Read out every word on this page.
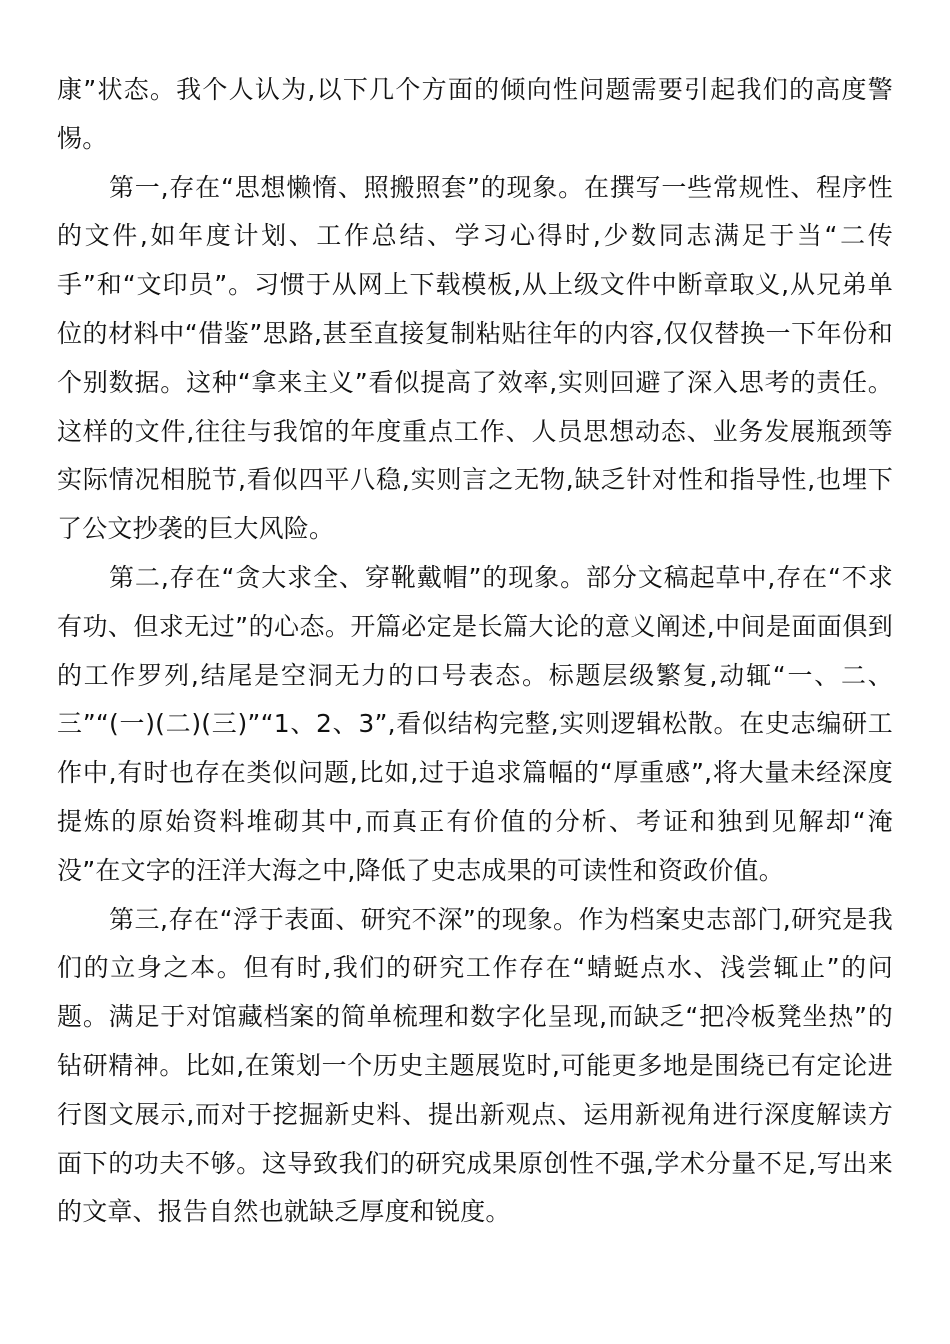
康”状态。我个人认为,以下几个方面的倾向性问题需要引起我们的高度警惕。

第一,存在“思想懒惰、照搬照套”的现象。在撰写一些常规性、程序性的文件,如年度计划、工作总结、学习心得时,少数同志满足于当“二传手”和“文印员”。习惯于从网上下载模板,从上级文件中断章取义,从兄弟单位的材料中“借鉴”思路,甚至直接复制粘贴往年的内容,仅仅替换一下年份和个别数据。这种“拿来主义”看似提高了效率,实则回避了深入思考的责任。这样的文件,往往与我馆的年度重点工作、人员思想动态、业务发展瓶颈等实际情况相脱节,看似四平八稳,实则言之无物,缺乏针对性和指导性,也埋下了公文抄袭的巨大风险。

第二,存在“贪大求全、穿靴戴帽”的现象。部分文稿起草中,存在“不求有功、但求无过”的心态。开篇必定是长篇大论的意义阐述,中间是面面俱到的工作罗列,结尾是空洞无力的口号表态。标题层级繁复,动辄“一、二、三”“(一)(二)(三)”“1、2、3”,看似结构完整,实则逻辑松散。在史志编研工作中,有时也存在类似问题,比如,过于追求篇幅的“厚重感”,将大量未经深度提炼的原始资料堆砌其中,而真正有价值的分析、考证和独到见解却“淹没”在文字的汪洋大海之中,降低了史志成果的可读性和资政价值。

第三,存在“浮于表面、研究不深”的现象。作为档案史志部门,研究是我们的立身之本。但有时,我们的研究工作存在“蜻蜓点水、浅尝辄止”的问题。满足于对馆藏档案的简单梳理和数字化呈现,而缺乏“把冷板凳坐热”的钻研精神。比如,在策划一个历史主题展览时,可能更多地是围绕已有定论进行图文展示,而对于挖掘新史料、提出新观点、运用新视角进行深度解读方面下的功夫不够。这导致我们的研究成果原创性不强,学术分量不足,写出来的文章、报告自然也就缺乏厚度和锐度。
